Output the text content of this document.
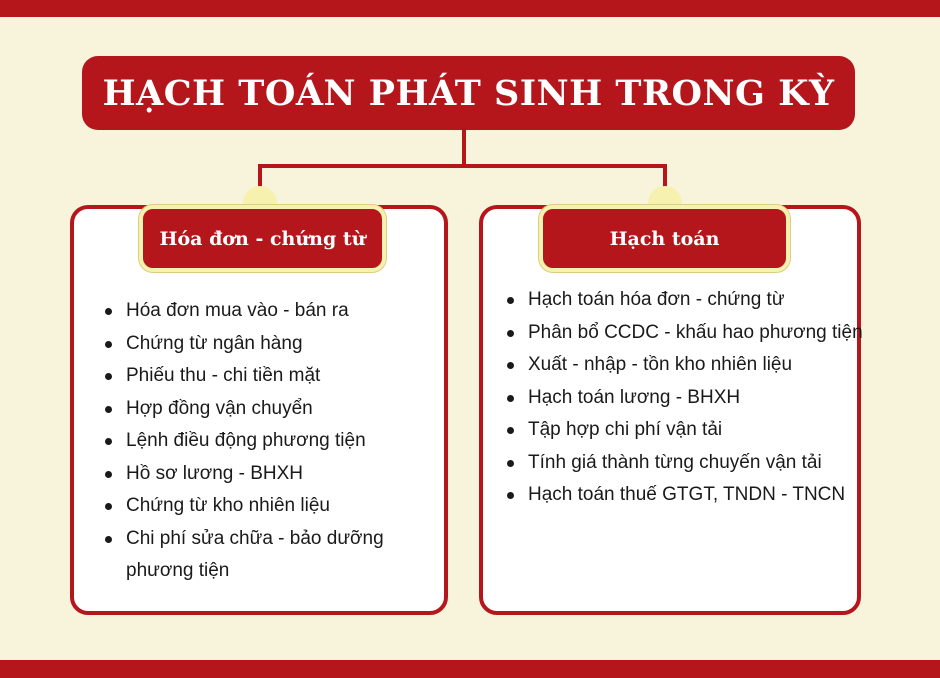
HẠCH TOÁN PHÁT SINH TRONG KỲ
Hóa đơn - chứng từ	Hạch toán
Hóa đơn mua vào - bán ra
Chứng từ ngân hàng
Phiếu thu - chi tiền mặt
Hợp đồng vận chuyển
Lệnh điều động phương tiện
Hồ sơ lương - BHXH
Chứng từ kho nhiên liệu
Chi phí sửa chữa - bảo dưỡng phương tiện
Hạch toán hóa đơn - chứng từ
Phân bổ CCDC - khấu hao phương tiện
Xuất - nhập - tồn kho nhiên liệu
Hạch toán lương - BHXH
Tập hợp chi phí vận tải
Tính giá thành từng chuyến vận tải
Hạch toán thuế GTGT, TNDN - TNCN
